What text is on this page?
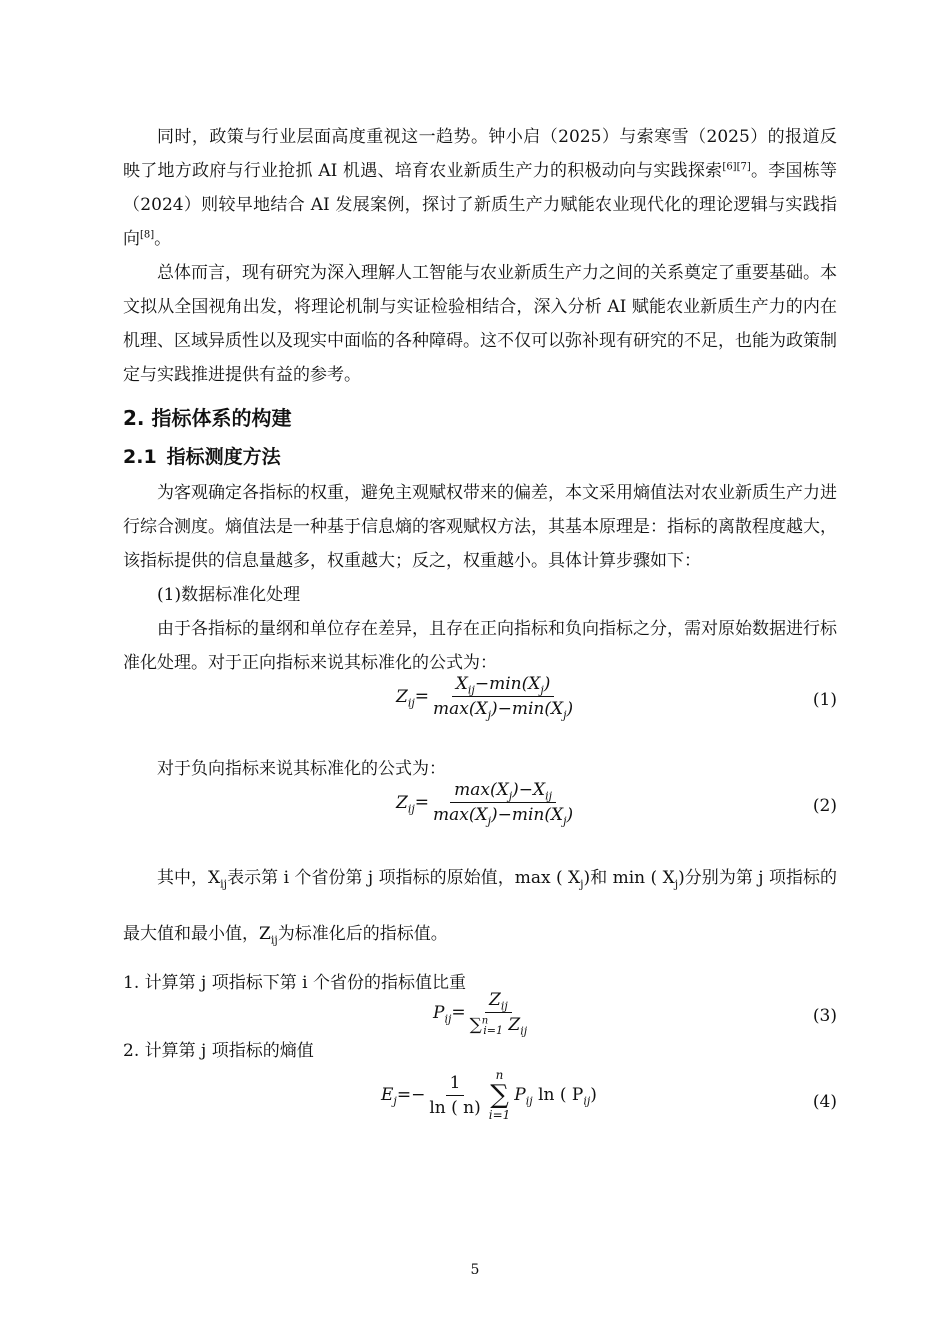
同时，政策与行业层面高度重视这一趋势。钟小启（2025）与索寒雪（2025）的报道反映了地方政府与行业抢抓 AI 机遇、培育农业新质生产力的积极动向与实践探索[6][7]。李国栋等（2024）则较早地结合 AI 发展案例，探讨了新质生产力赋能农业现代化的理论逻辑与实践指向[8]。

总体而言，现有研究为深入理解人工智能与农业新质生产力之间的关系奠定了重要基础。本文拟从全国视角出发，将理论机制与实证检验相结合，深入分析 AI 赋能农业新质生产力的内在机理、区域异质性以及现实中面临的各种障碍。这不仅可以弥补现有研究的不足，也能为政策制定与实践推进提供有益的参考。

2. 指标体系的构建
2.1 指标测度方法

为客观确定各指标的权重，避免主观赋权带来的偏差，本文采用熵值法对农业新质生产力进行综合测度。熵值法是一种基于信息熵的客观赋权方法，其基本原理是：指标的离散程度越大，该指标提供的信息量越多，权重越大；反之，权重越小。具体计算步骤如下：

(1)数据标准化处理

由于各指标的量纲和单位存在差异，且存在正向指标和负向指标之分，需对原始数据进行标准化处理。对于正向指标来说其标准化的公式为：

$Z_{ij}= \frac{X_{ij}-\min(X_j)}{\max(X_j)-\min(X_j)}$	(1)

对于负向指标来说其标准化的公式为：

$Z_{ij}= \frac{\max(X_j)-X_{ij}}{\max(X_j)-\min(X_j)}$	(2)

其中，$X_{ij}$表示第 i 个省份第 j 项指标的原始值，max ( $X_j$)和 min ( $X_j$)分别为第 j 项指标的最大值和最小值，$Z_{ij}$为标准化后的指标值。

1. 计算第 j 项指标下第 i 个省份的指标值比重

$P_{ij}= \frac{Z_{ij}}{\sum^n_{i=1} Z_{ij}}$	(3)

2. 计算第 j 项指标的熵值

$E_j=- \frac{1}{\ln ( n)}$ n
∑
i=1
$P_{ij}$ ln ( $P_{ij}$)	(4)
5
